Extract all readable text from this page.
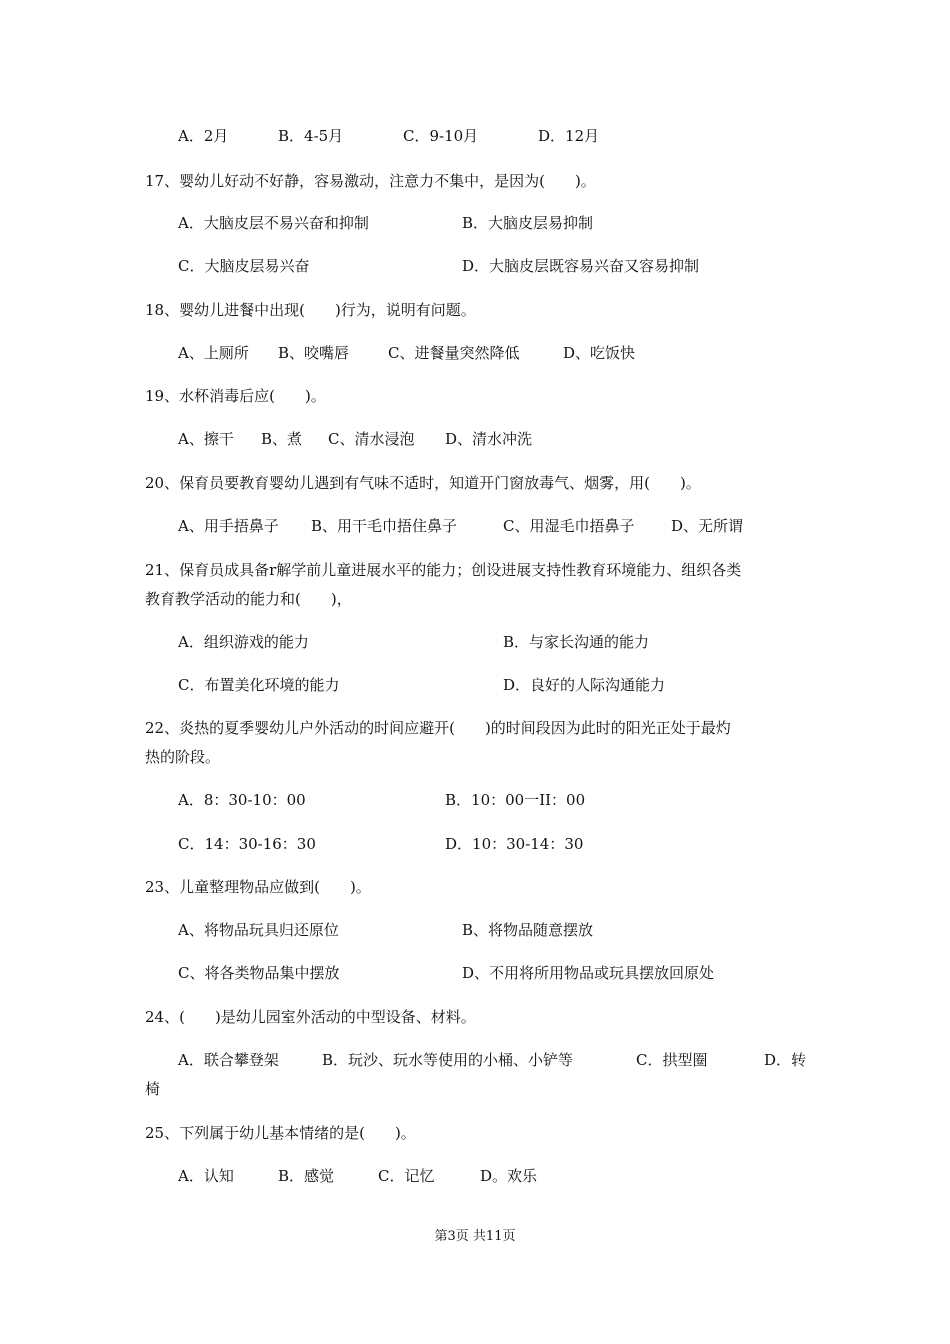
A．2月	B．4-5月	C．9-10月	D．12月
17、婴幼儿好动不好静，容易激动，注意力不集中，是因为(　　)。
A．大脑皮层不易兴奋和抑制	B．大脑皮层易抑制
C．大脑皮层易兴奋	D．大脑皮层既容易兴奋又容易抑制
18、婴幼儿进餐中出现(　　)行为，说明有问题。
A、上厕所 B、咬嘴唇	C、进餐量突然降低	D、吃饭快
19、水杯消毒后应(　　)。
A、擦干 B、煮 C、清水浸泡 D、清水冲洗
20、保育员要教育婴幼儿遇到有气味不适时，知道开门窗放毒气、烟雾，用(　　)。
A、用手捂鼻子 B、用干毛巾捂住鼻子	C、用湿毛巾捂鼻子 D、无所谓
21、保育员成具备r解学前儿童进展水平的能力；创设进展支持性教育环境能力、组织各类
教育教学活动的能力和(　　)，
A．组织游戏的能力	B．与家长沟通的能力
C．布置美化环境的能力	D．良好的人际沟通能力
22、炎热的夏季婴幼儿户外活动的时间应避开(　　)的时间段因为此时的阳光正处于最灼
热的阶段。
A．8：30-10：00	B．10：00一II：00
C．14：30-16：30	D．10：30-14：30
23、儿童整理物品应做到(　　)。
A、将物品玩具归还原位	B、将物品随意摆放
C、将各类物品集中摆放	D、不用将所用物品或玩具摆放回原处
24、(　　)是幼儿园室外活动的中型设备、材料。
A．联合攀登架	B．玩沙、玩水等使用的小桶、小铲等	C．拱型圈	D．转
椅
25、下列属于幼儿基本情绪的是(　　)。
A．认知	B．感觉	C．记忆	D。欢乐
第3页 共11页
